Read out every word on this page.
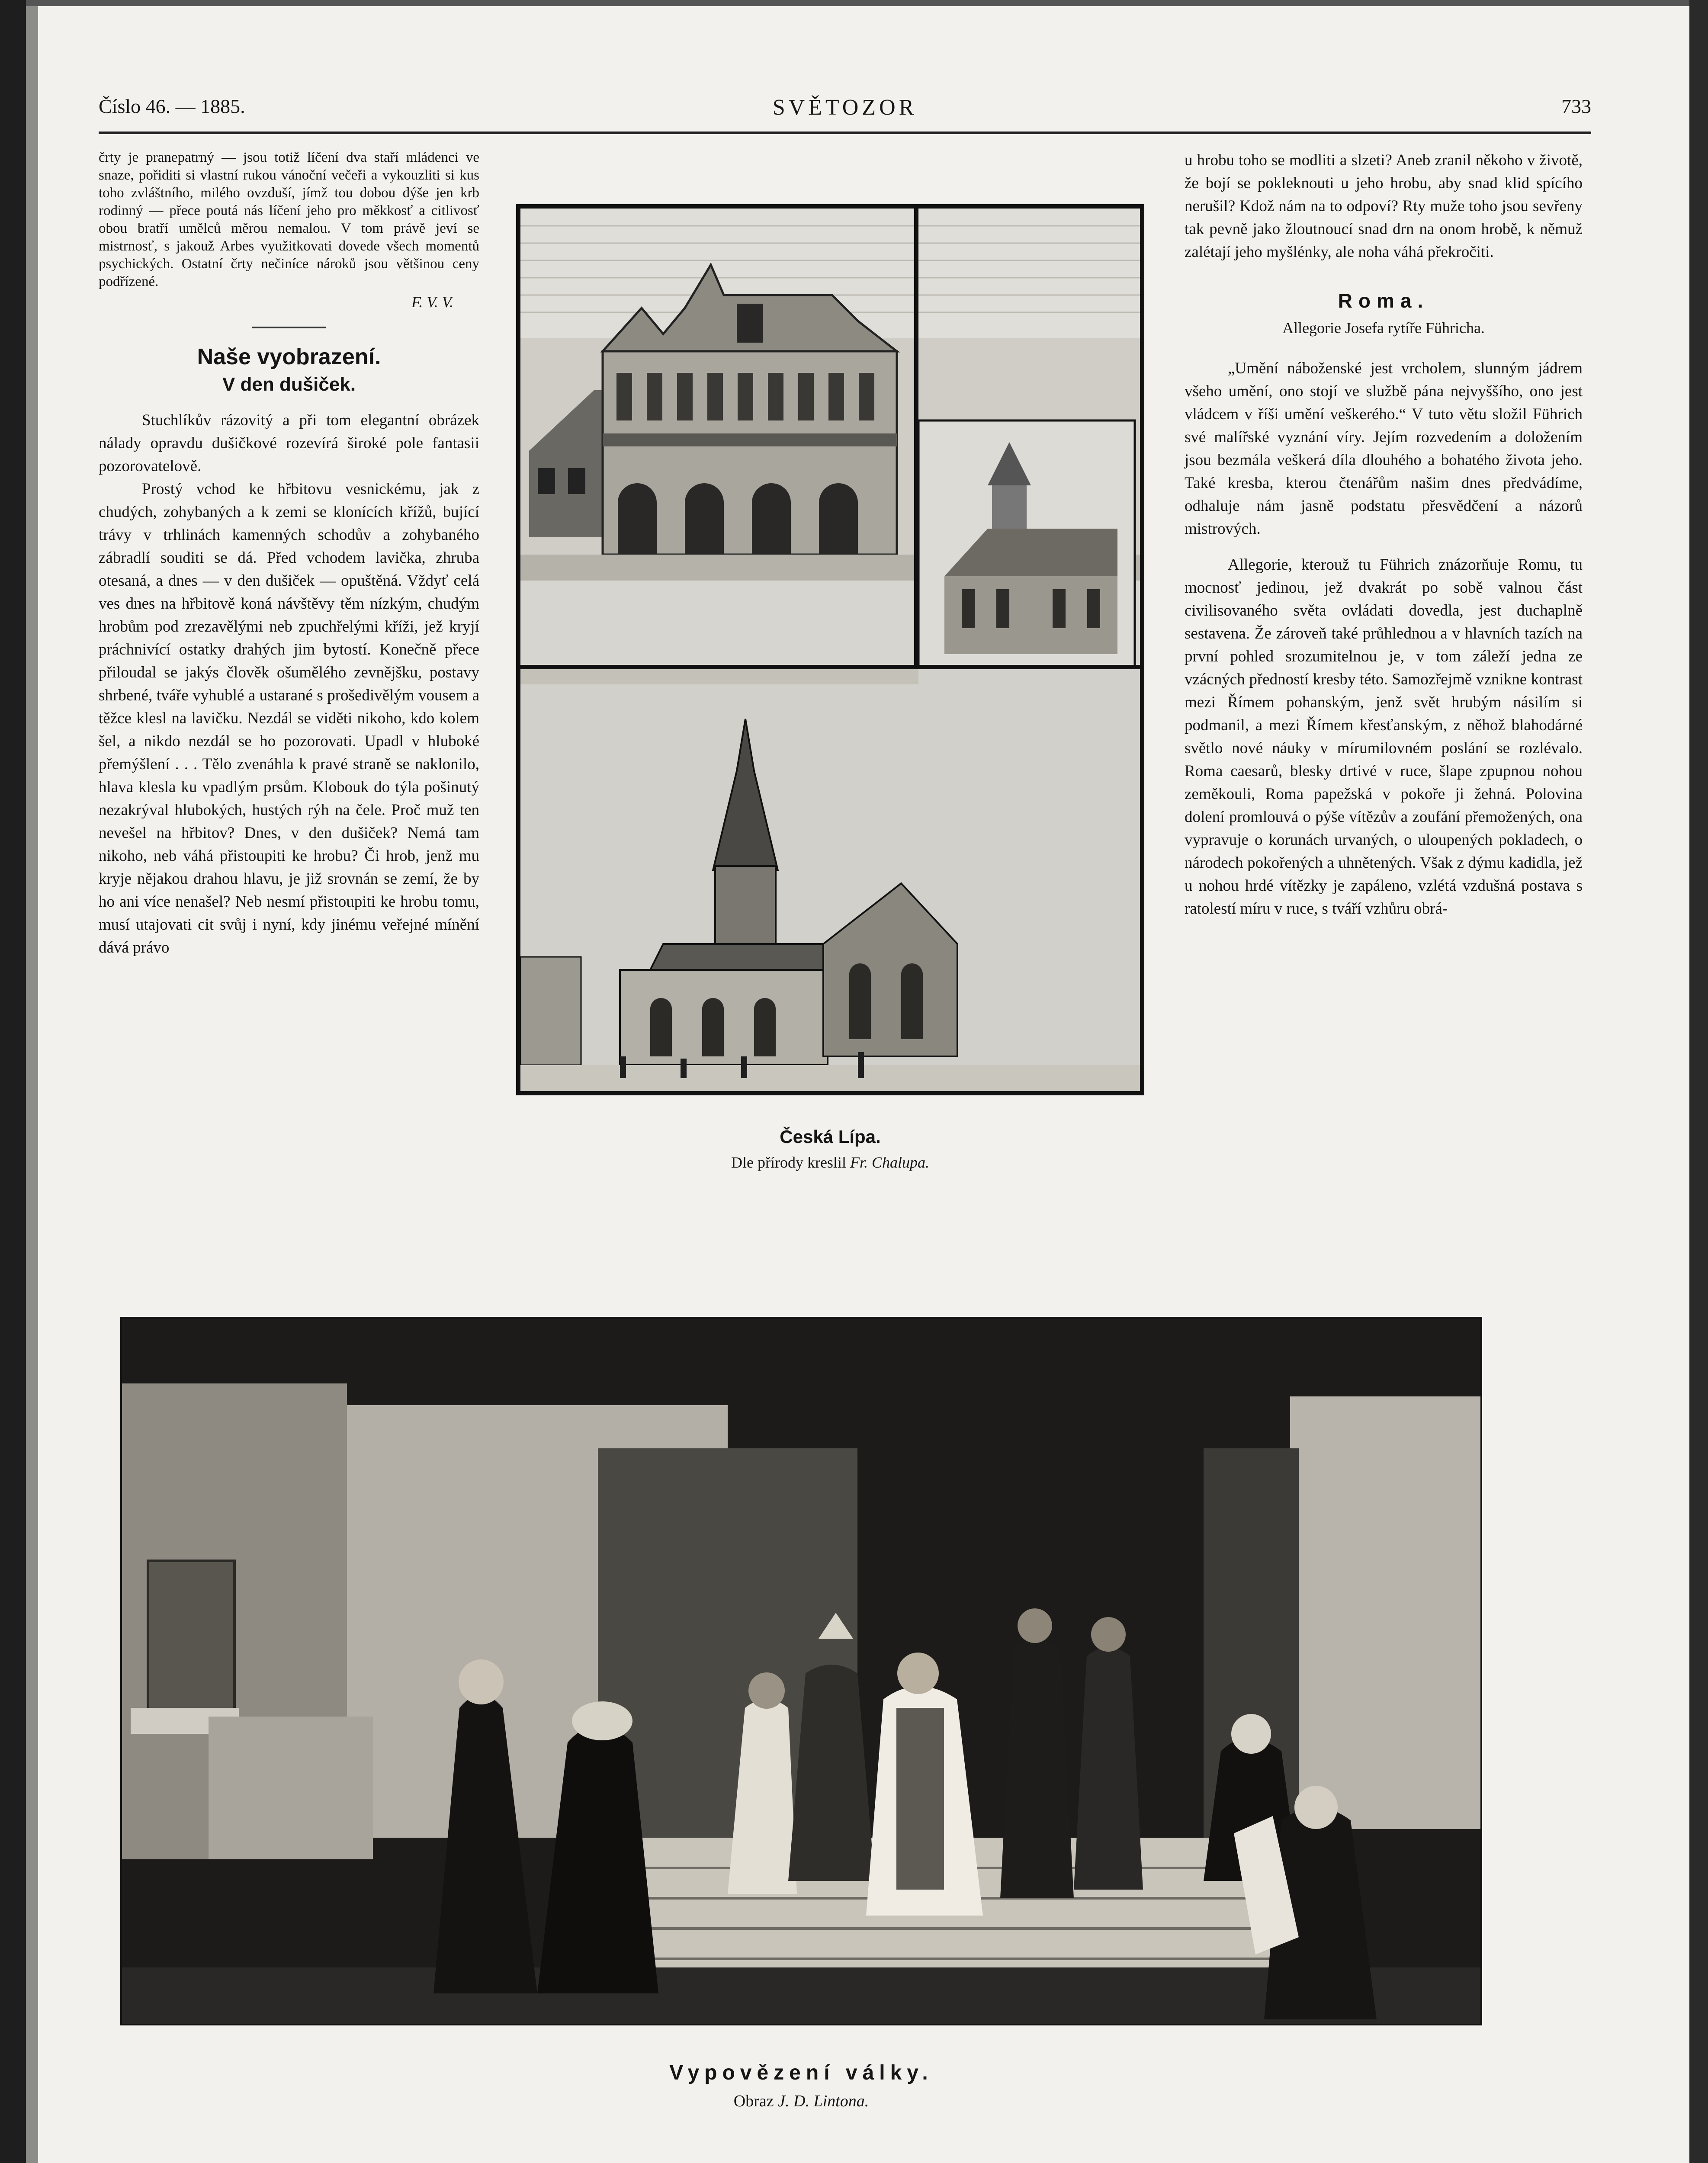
Číslo 46. — 1885.	SVĚTOZOR	733

črty je pranepatrný — jsou totiž líčení dva staří mládenci ve snaze, pořiditi si vlastní rukou vánoční večeři a vykouzliti si kus toho zvláštního, milého ovzduší, jímž tou dobou dýše jen krb rodinný — přece poutá nás líčení jeho pro měkkosť a citlivosť obou bratří umělců měrou nemalou. V tom právě jeví se mistrnosť, s jakouž Arbes využitkovati dovede všech momentů psychických. Ostatní črty nečiníce nároků jsou většinou ceny podřízené.

F. V. V.
Naše vyobrazení.
V den dušiček.

Stuchlíkův rázovitý a při tom elegantní obrázek nálady opravdu dušičkové rozevírá široké pole fantasii pozorovatelově.

Prostý vchod ke hřbitovu vesnickému, jak z chudých, zohybaných a k zemi se klonících křížů, bující trávy v trhlinách kamenných schodův a zohybaného zábradlí souditi se dá. Před vchodem lavička, zhruba otesaná, a dnes — v den dušiček — opuštěná. Vždyť celá ves dnes na hřbitově koná návštěvy těm nízkým, chudým hrobům pod zrezavělými neb zpuchřelými kříži, jež kryjí práchnivící ostatky drahých jim bytostí. Konečně přece přiloudal se jakýs člověk ošumělého zevnějšku, postavy shrbené, tváře vyhublé a ustarané s prošedivělým vousem a těžce klesl na lavičku. Nezdál se viděti nikoho, kdo kolem šel, a nikdo nezdál se ho pozorovati. Upadl v hluboké přemýšlení . . . Tělo zvenáhla k pravé straně se naklonilo, hlava klesla ku vpadlým prsům. Klobouk do týla pošinutý nezakrýval hlubokých, hustých rýh na čele. Proč muž ten nevešel na hřbitov? Dnes, v den dušiček? Nemá tam nikoho, neb váhá přistoupiti ke hrobu? Či hrob, jenž mu kryje nějakou drahou hlavu, je již srovnán se zemí, že by ho ani více nenašel? Neb nesmí přistoupiti ke hrobu tomu, musí utajovati cit svůj i nyní, kdy jinému veřejné mínění dává právo

u hrobu toho se modliti a slzeti? Aneb zranil někoho v životě, že bojí se pokleknouti u jeho hrobu, aby snad klid spícího nerušil? Kdož nám na to odpoví? Rty muže toho jsou sevřeny tak pevně jako žloutnoucí snad drn na onom hrobě, k němuž zalétají jeho myšlénky, ale noha váhá překročiti.

Roma.
Allegorie Josefa rytíře Führicha.

„Umění náboženské jest vrcholem, slunným jádrem všeho umění, ono stojí ve službě pána nejvyššího, ono jest vládcem v říši umění veškerého.“ V tuto větu složil Führich své malířské vyznání víry. Jejím rozvedením a doložením jsou bezmála veškerá díla dlouhého a bohatého života jeho. Také kresba, kterou čtenářům našim dnes předvádíme, odhaluje nám jasně podstatu přesvědčení a názorů mistrových.

Allegorie, kterouž tu Führich znázorňuje Romu, tu mocnosť jedinou, jež dvakrát po sobě valnou část civilisovaného světa ovládati dovedla, jest duchaplně sestavena. Že zároveň také průhlednou a v hlavních tazích na první pohled srozumitelnou je, v tom záleží jedna ze vzácných předností kresby této. Samozřejmě vzniknе kontrast mezi Římem pohanským, jenž svět hrubým násilím si podmanil, a mezi Římem křesťanským, z něhož blahodárné světlo nové náuky v mírumilovném poslání se rozlévalo. Roma caesarů, blesky drtivé v ruce, šlape zpupnou nohou zeměkouli, Roma papežská v pokoře ji žehná. Polovina dolení promlouvá o pýše vítězův a zoufání přemožených, ona vypravuje o korunách urvaných, o uloupených pokladech, o národech pokořených a uhnětených. Však z dýmu kadidla, jež u nohou hrdé vítězky je zapáleno, vzlétá vzdušná postava s ratolestí míru v ruce, s tváří vzhůru obrá-

Česká Lípa.
Dle přírody kreslil Fr. Chalupa.
Vypovězení války.
Obraz J. D. Lintona.
